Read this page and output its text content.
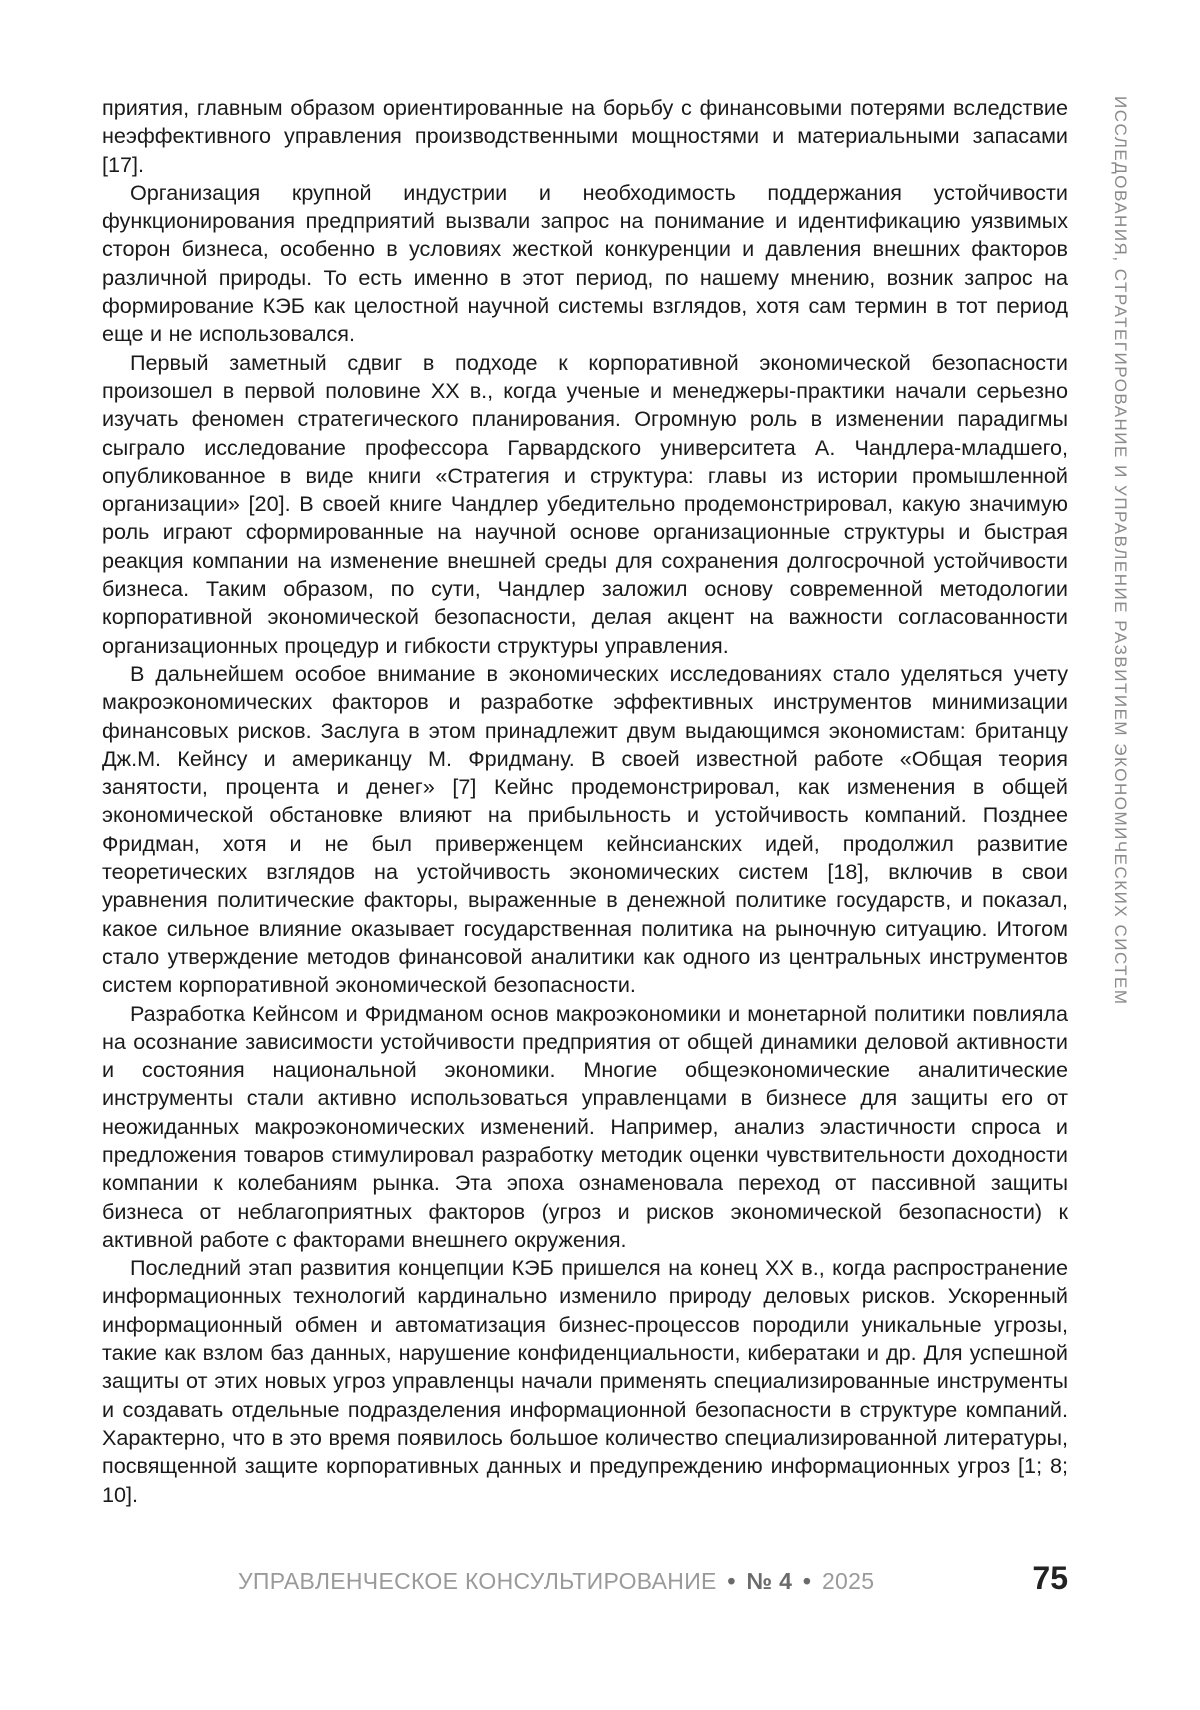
ИССЛЕДОВАНИЯ, СТРАТЕГИРОВАНИЕ И УПРАВЛЕНИЕ РАЗВИТИЕМ ЭКОНОМИЧЕСКИХ СИСТЕМ

приятия, главным образом ориентированные на борьбу с финансовыми потерями вследствие неэффективного управления производственными мощностями и материальными запасами [17].

Организация крупной индустрии и необходимость поддержания устойчивости функционирования предприятий вызвали запрос на понимание и идентификацию уязвимых сторон бизнеса, особенно в условиях жесткой конкуренции и давления внешних факторов различной природы. То есть именно в этот период, по нашему мнению, возник запрос на формирование КЭБ как целостной научной системы взглядов, хотя сам термин в тот период еще и не использовался.

Первый заметный сдвиг в подходе к корпоративной экономической безопасности произошел в первой половине XX в., когда ученые и менеджеры-практики начали серьезно изучать феномен стратегического планирования. Огромную роль в изменении парадигмы сыграло исследование профессора Гарвардского университета А. Чандлера-младшего, опубликованное в виде книги «Стратегия и структура: главы из истории промышленной организации» [20]. В своей книге Чандлер убедительно продемонстрировал, какую значимую роль играют сформированные на научной основе организационные структуры и быстрая реакция компании на изменение внешней среды для сохранения долгосрочной устойчивости бизнеса. Таким образом, по сути, Чандлер заложил основу современной методологии корпоративной экономической безопасности, делая акцент на важности согласованности организационных процедур и гибкости структуры управления.

В дальнейшем особое внимание в экономических исследованиях стало уделяться учету макроэкономических факторов и разработке эффективных инструментов минимизации финансовых рисков. Заслуга в этом принадлежит двум выдающимся экономистам: британцу Дж.М. Кейнсу и американцу М. Фридману. В своей известной работе «Общая теория занятости, процента и денег» [7] Кейнс продемонстрировал, как изменения в общей экономической обстановке влияют на прибыльность и устойчивость компаний. Позднее Фридман, хотя и не был приверженцем кейнсианских идей, продолжил развитие теоретических взглядов на устойчивость экономических систем [18], включив в свои уравнения политические факторы, выраженные в денежной политике государств, и показал, какое сильное влияние оказывает государственная политика на рыночную ситуацию. Итогом стало утверждение методов финансовой аналитики как одного из центральных инструментов систем корпоративной экономической безопасности.

Разработка Кейнсом и Фридманом основ макроэкономики и монетарной политики повлияла на осознание зависимости устойчивости предприятия от общей динамики деловой активности и состояния национальной экономики. Многие общеэкономические аналитические инструменты стали активно использоваться управленцами в бизнесе для защиты его от неожиданных макроэкономических изменений. Например, анализ эластичности спроса и предложения товаров стимулировал разработку методик оценки чувствительности доходности компании к колебаниям рынка. Эта эпоха ознаменовала переход от пассивной защиты бизнеса от неблагоприятных факторов (угроз и рисков экономической безопасности) к активной работе с факторами внешнего окружения.

Последний этап развития концепции КЭБ пришелся на конец XX в., когда распространение информационных технологий кардинально изменило природу деловых рисков. Ускоренный информационный обмен и автоматизация бизнес-процессов породили уникальные угрозы, такие как взлом баз данных, нарушение конфиденциальности, кибератаки и др. Для успешной защиты от этих новых угроз управленцы начали применять специализированные инструменты и создавать отдельные подразделения информационной безопасности в структуре компаний. Характерно, что в это время появилось большое количество специализированной литературы, посвященной защите корпоративных данных и предупреждению информационных угроз [1; 8; 10].

УПРАВЛЕНЧЕСКОЕ КОНСУЛЬТИРОВАНИЕ • № 4 • 2025	75
